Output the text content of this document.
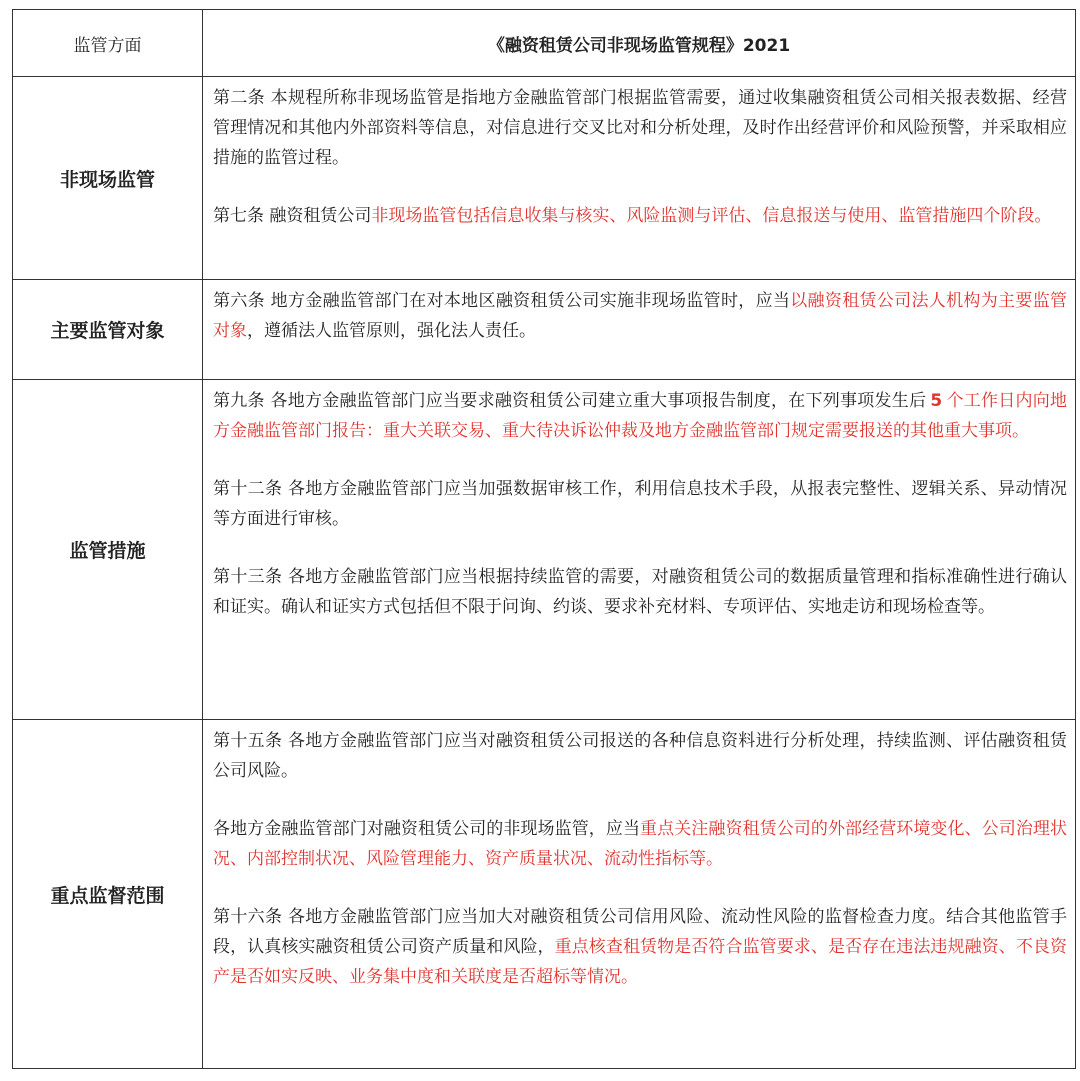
监管方面	《融资租赁公司非现场监管规程》2021
非现场监管	第二条 本规程所称非现场监管是指地方金融监管部门根据监管需要，通过收集融资租赁公司相关报表数据、经营管理情况和其他内外部资料等信息，对信息进行交叉比对和分析处理，及时作出经营评价和风险预警，并采取相应措施的监管过程。

第七条 融资租赁公司非现场监管包括信息收集与核实、风险监测与评估、信息报送与使用、监管措施四个阶段。

主要监管对象	第六条 地方金融监管部门在对本地区融资租赁公司实施非现场监管时，应当以融资租赁公司法人机构为主要监管对象，遵循法人监管原则，强化法人责任。

监管措施	第九条 各地方金融监管部门应当要求融资租赁公司建立重大事项报告制度，在下列事项发生后 5 个工作日内向地方金融监管部门报告：重大关联交易、重大待决诉讼仲裁及地方金融监管部门规定需要报送的其他重大事项。

第十二条 各地方金融监管部门应当加强数据审核工作，利用信息技术手段，从报表完整性、逻辑关系、异动情况等方面进行审核。

第十三条 各地方金融监管部门应当根据持续监管的需要，对融资租赁公司的数据质量管理和指标准确性进行确认和证实。确认和证实方式包括但不限于问询、约谈、要求补充材料、专项评估、实地走访和现场检查等。

重点监督范围	第十五条 各地方金融监管部门应当对融资租赁公司报送的各种信息资料进行分析处理，持续监测、评估融资租赁公司风险。

各地方金融监管部门对融资租赁公司的非现场监管，应当重点关注融资租赁公司的外部经营环境变化、公司治理状况、内部控制状况、风险管理能力、资产质量状况、流动性指标等。

第十六条 各地方金融监管部门应当加大对融资租赁公司信用风险、流动性风险的监督检查力度。结合其他监管手段，认真核实融资租赁公司资产质量和风险，重点核查租赁物是否符合监管要求、是否存在违法违规融资、不良资产是否如实反映、业务集中度和关联度是否超标等情况。
